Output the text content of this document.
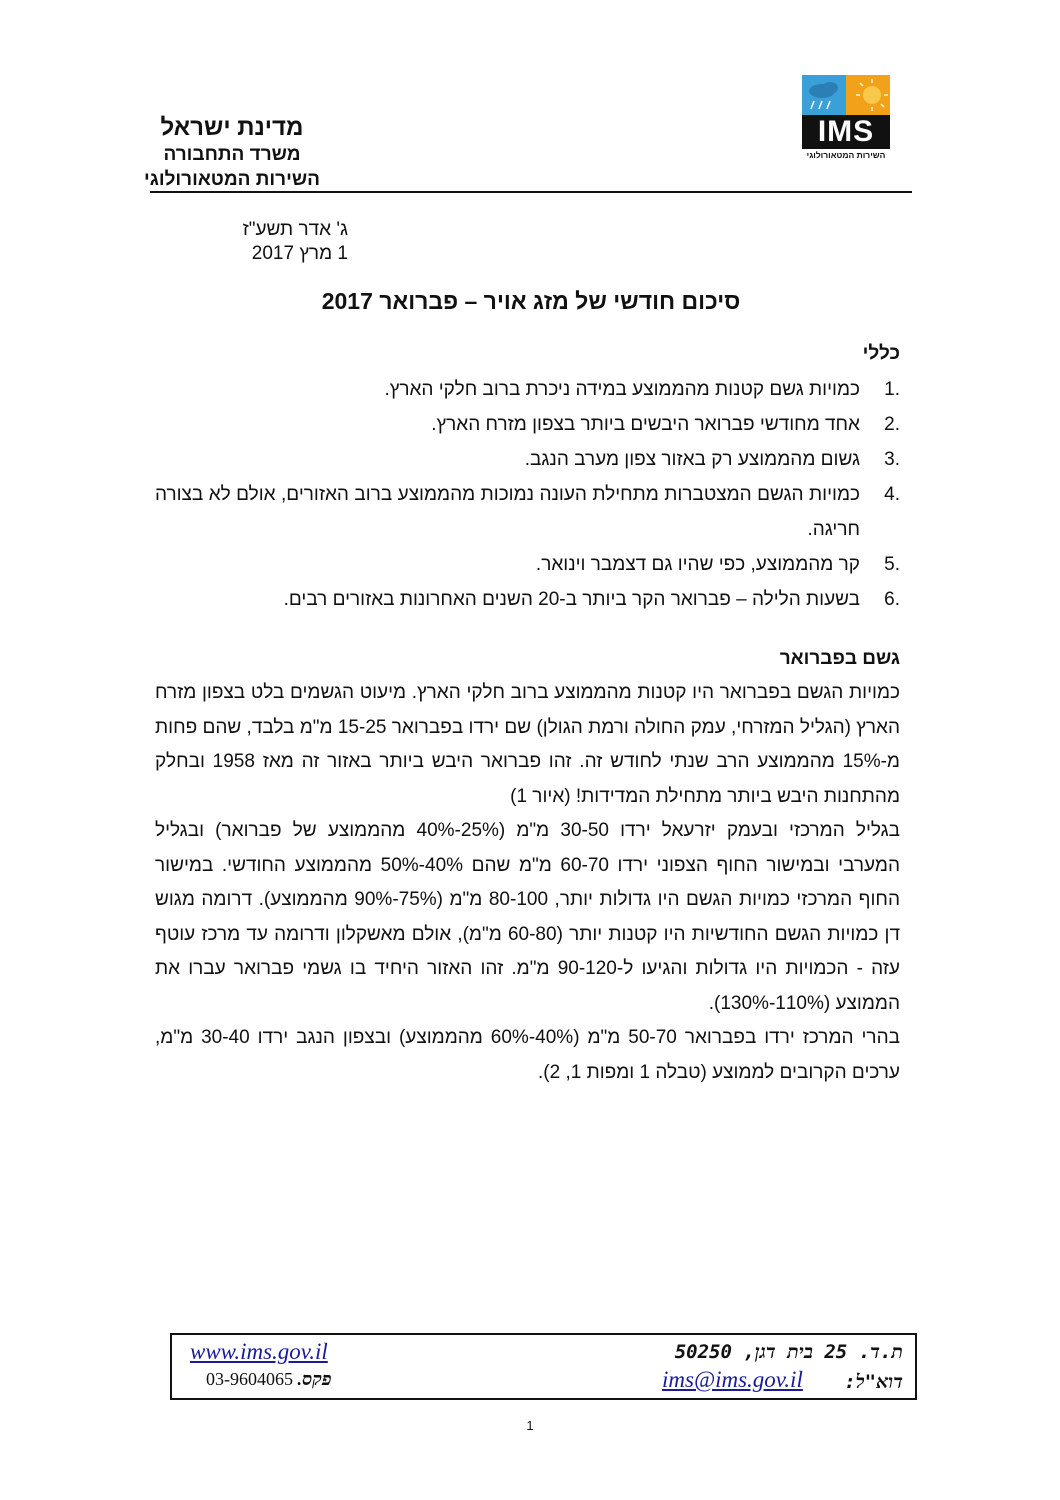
מדינת ישראל
משרד התחבורה
השירות המטאורולוגי
IMS
השירות המטאורולוגי
ג' אדר תשע"ז
1 מרץ 2017
סיכום חודשי של מזג אויר – פברואר 2017
כללי
1.
כמויות גשם קטנות מהממוצע במידה ניכרת ברוב חלקי הארץ.
2.
אחד מחודשי פברואר היבשים ביותר בצפון מזרח הארץ.
3.
גשום מהממוצע רק באזור צפון מערב הנגב.
4.
כמויות הגשם המצטברות מתחילת העונה נמוכות מהממוצע ברוב האזורים, אולם לא בצורה חריגה.
5.
קר מהממוצע, כפי שהיו גם דצמבר וינואר.
6.
בשעות הלילה – פברואר הקר ביותר ב-20 השנים האחרונות באזורים רבים.
גשם בפברואר

כמויות הגשם בפברואר היו קטנות מהממוצע ברוב חלקי הארץ. מיעוט הגשמים בלט בצפון מזרח הארץ (הגליל המזרחי, עמק החולה ורמת הגולן) שם ירדו בפברואר 15-25 מ"מ בלבד, שהם פחות מ-15% מהממוצע הרב שנתי לחודש זה. זהו פברואר היבש ביותר באזור זה מאז 1958 ובחלק מהתחנות היבש ביותר מתחילת המדידות! (איור 1)

בגליל המרכזי ובעמק יזרעאל ירדו 30-50 מ"מ (25%-40% מהממוצע של פברואר) ובגליל המערבי ובמישור החוף הצפוני ירדו 60-70 מ"מ שהם 40%-50% מהממוצע החודשי. במישור החוף המרכזי כמויות הגשם היו גדולות יותר, 80-100 מ"מ (75%-90% מהממוצע). דרומה מגוש דן כמויות הגשם החודשיות היו קטנות יותר (60-80 מ"מ), אולם מאשקלון ודרומה עד מרכז עוטף עזה - הכמויות היו גדולות והגיעו ל-90-120 מ"מ. זהו האזור היחיד בו גשמי פברואר עברו את הממוצע (110%-130%).

בהרי המרכז ירדו בפברואר 50-70 מ"מ (40%-60% מהממוצע) ובצפון הנגב ירדו 30-40 מ"מ, ערכים הקרובים לממוצע (טבלה 1 ומפות 1, 2).

www.ims.gov.il
פקס. 03-9604065
ת.ד. 25 בית דגן, 50250
דוא"ל:
ims@ims.gov.il
1
